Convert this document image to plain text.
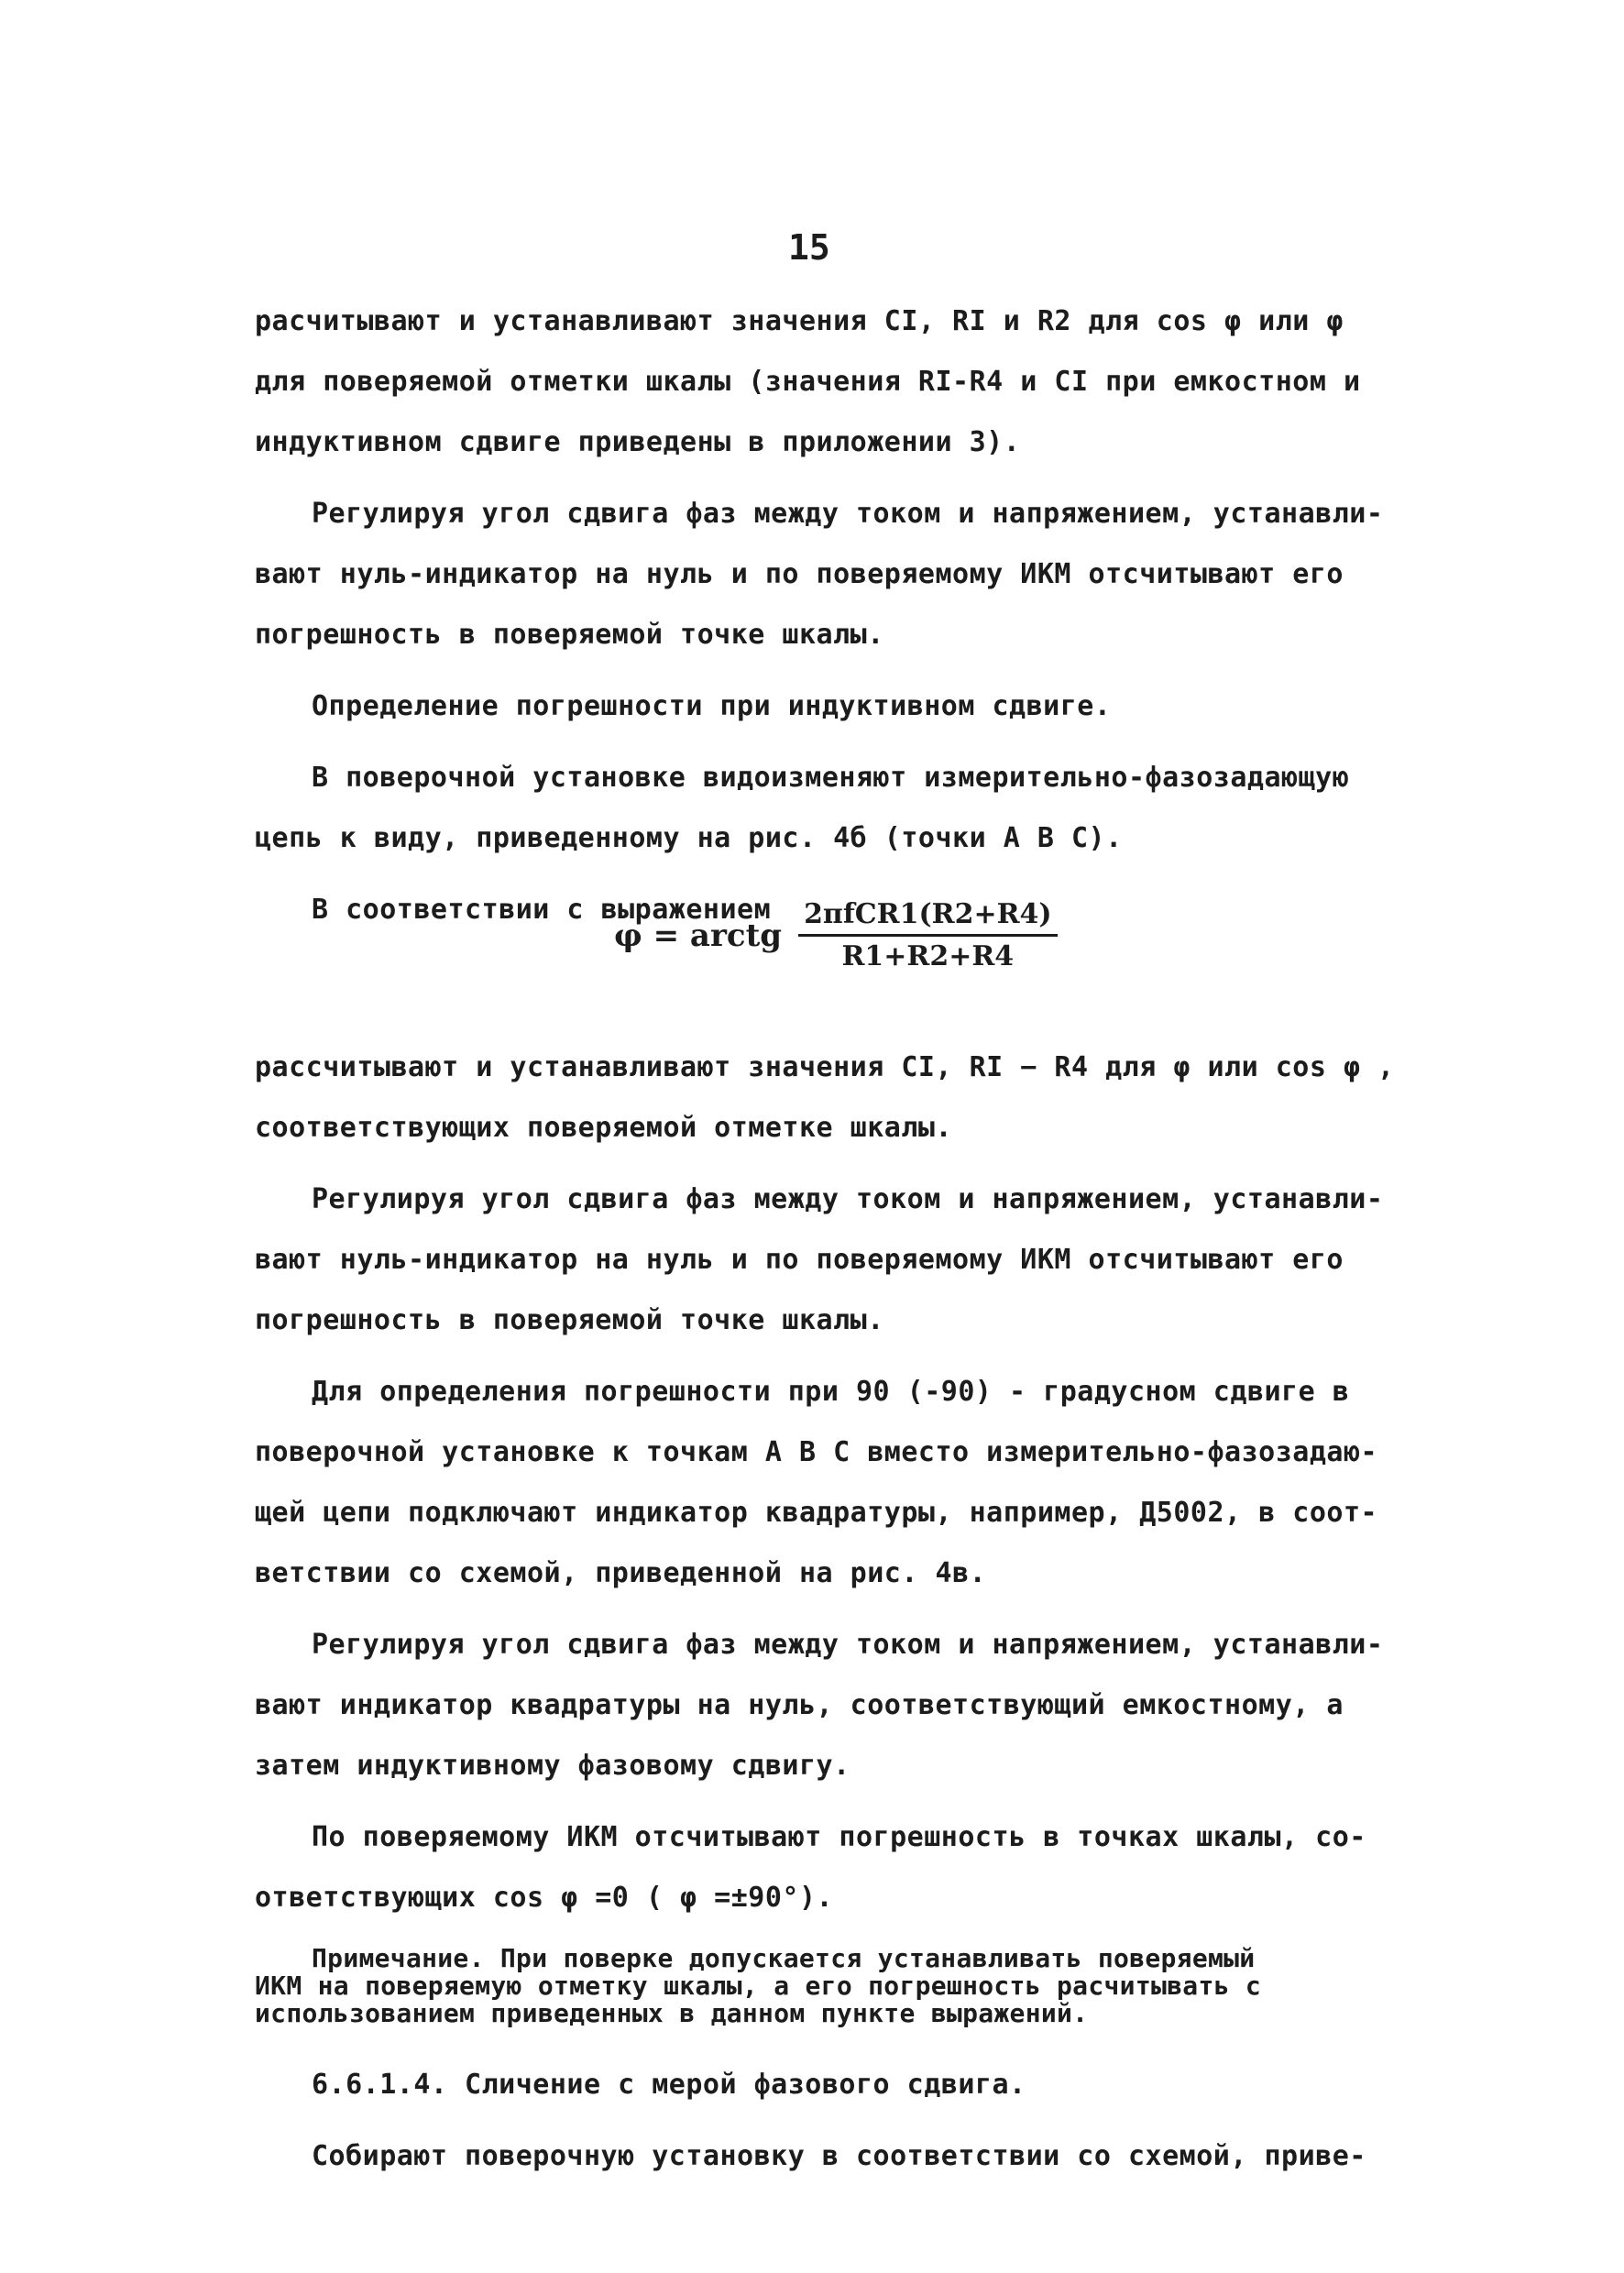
15
расчитывают и устанавливают значения CI, RI и R2 для cos φ или φ
для поверяемой отметки шкалы (значения RI-R4 и CI при емкостном и
индуктивном сдвиге приведены в приложении 3).
Регулируя угол сдвига фаз между током и напряжением, устанавли-
вают нуль-индикатор на нуль и по поверяемому ИКМ отсчитывают его
погрешность в поверяемой точке шкалы.
Определение погрешности при индуктивном сдвиге.
В поверочной установке видоизменяют измерительно-фазозадающую
цепь к виду, приведенному на рис. 4б (точки А В С).
В соответствии с выражением
φ = arctg $\frac{\text{2πfCR1(R2+R4)}}{R1+R2+R4}$
рассчитывают и устанавливают значения CI, RI − R4 для φ или cos φ ,
соответствующих поверяемой отметке шкалы.
Регулируя угол сдвига фаз между током и напряжением, устанавли-
вают нуль-индикатор на нуль и по поверяемому ИКМ отсчитывают его
погрешность в поверяемой точке шкалы.
Для определения погрешности при 90 (-90) - градусном сдвиге в
поверочной установке к точкам А В С вместо измерительно-фазозадаю-
щей цепи подключают индикатор квадратуры, например, Д5002, в соот-
ветствии со схемой, приведенной на рис. 4в.
Регулируя угол сдвига фаз между током и напряжением, устанавли-
вают индикатор квадратуры на нуль, соответствующий емкостному, а
затем индуктивному фазовому сдвигу.
По поверяемому ИКМ отсчитывают погрешность в точках шкалы, со-
ответствующих cos φ =0 ( φ =±90°).
Примечание. При поверке допускается устанавливать поверяемый
ИКМ на поверяемую отметку шкалы, а его погрешность расчитывать с
использованием приведенных в данном пункте выражений.
6.6.1.4. Сличение с мерой фазового сдвига.
Собирают поверочную установку в соответствии со схемой, приве-
